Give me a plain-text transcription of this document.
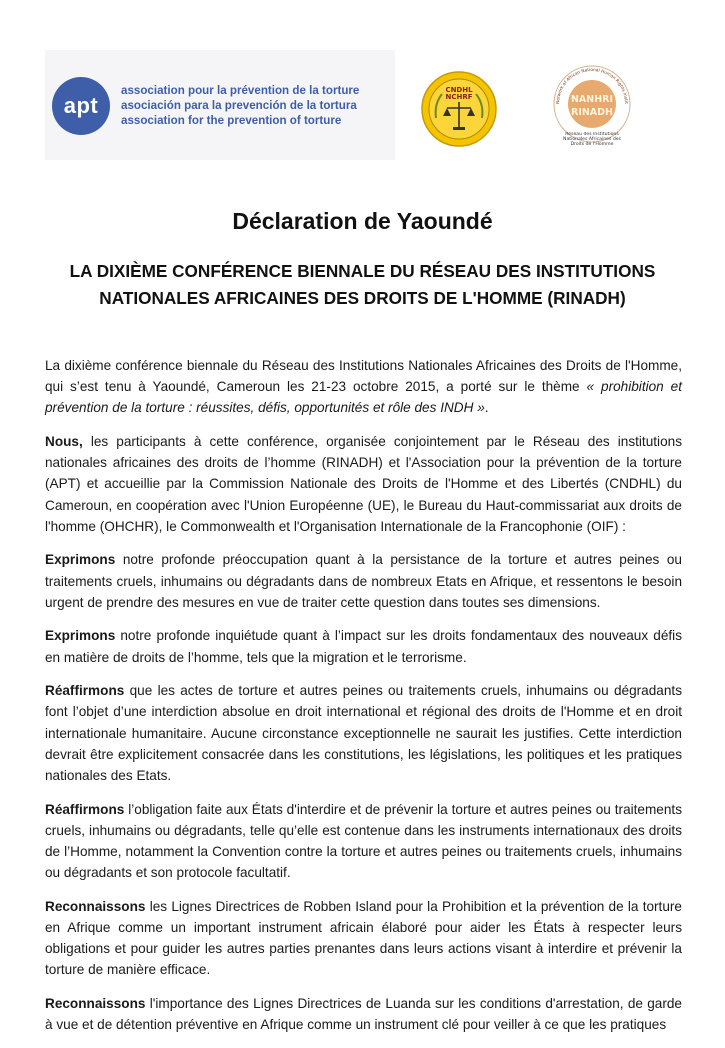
apt
association pour la prévention de la torture
asociación para la prevención de la tortura
association for the prevention of torture
CNDHL
NCHRF
Network of African National Human Rights Instit
NANHRI
RINADH
Réseau des Institutions Nationales Africaines des Droits de l'Homme
Déclaration de Yaoundé
LA DIXIÈME CONFÉRENCE BIENNALE DU RÉSEAU DES INSTITUTIONS NATIONALES AFRICAINES DES DROITS DE L'HOMME (RINADH)

La dixième conférence biennale du Réseau des Institutions Nationales Africaines des Droits de l'Homme, qui s’est tenu à Yaoundé, Cameroun les 21-23 octobre 2015, a porté sur le thème « prohibition et prévention de la torture : réussites, défis, opportunités et rôle des INDH ».

Nous, les participants à cette conférence, organisée conjointement par le Réseau des institutions nationales africaines des droits de l’homme (RINADH) et l'Association pour la prévention de la torture (APT) et accueillie par la Commission Nationale des Droits de l'Homme et des Libertés (CNDHL) du Cameroun, en coopération avec l'Union Européenne (UE), le Bureau du Haut-commissariat aux droits de l'homme (OHCHR), le Commonwealth et l'Organisation Internationale de la Francophonie (OIF) :

Exprimons notre profonde préoccupation quant à la persistance de la torture et autres peines ou traitements cruels, inhumains ou dégradants dans de nombreux Etats en Afrique, et ressentons le besoin urgent de prendre des mesures en vue de traiter cette question dans toutes ses dimensions.

Exprimons notre profonde inquiétude quant à l’impact sur les droits fondamentaux des nouveaux défis en matière de droits de l’homme, tels que la migration et le terrorisme.

Réaffirmons que les actes de torture et autres peines ou traitements cruels, inhumains ou dégradants font l’objet d’une interdiction absolue en droit international et régional des droits de l'Homme et en droit internationale humanitaire. Aucune circonstance exceptionnelle ne saurait les justifies. Cette interdiction devrait être explicitement consacrée dans les constitutions, les législations, les politiques et les pratiques nationales des Etats.

Réaffirmons l’obligation faite aux États d'interdire et de prévenir la torture et autres peines ou traitements cruels, inhumains ou dégradants, telle qu’elle est contenue dans les instruments internationaux des droits de l’Homme, notamment la Convention contre la torture et autres peines ou traitements cruels, inhumains ou dégradants et son protocole facultatif.

Reconnaissons les Lignes Directrices de Robben Island pour la Prohibition et la prévention de la torture en Afrique comme un important instrument africain élaboré pour aider les États à respecter leurs obligations et pour guider les autres parties prenantes dans leurs actions visant à interdire et prévenir la torture de manière efficace.

Reconnaissons l'importance des Lignes Directrices de Luanda sur les conditions d'arrestation, de garde à vue et de détention préventive en Afrique comme un instrument clé pour veiller à ce que les pratiques
